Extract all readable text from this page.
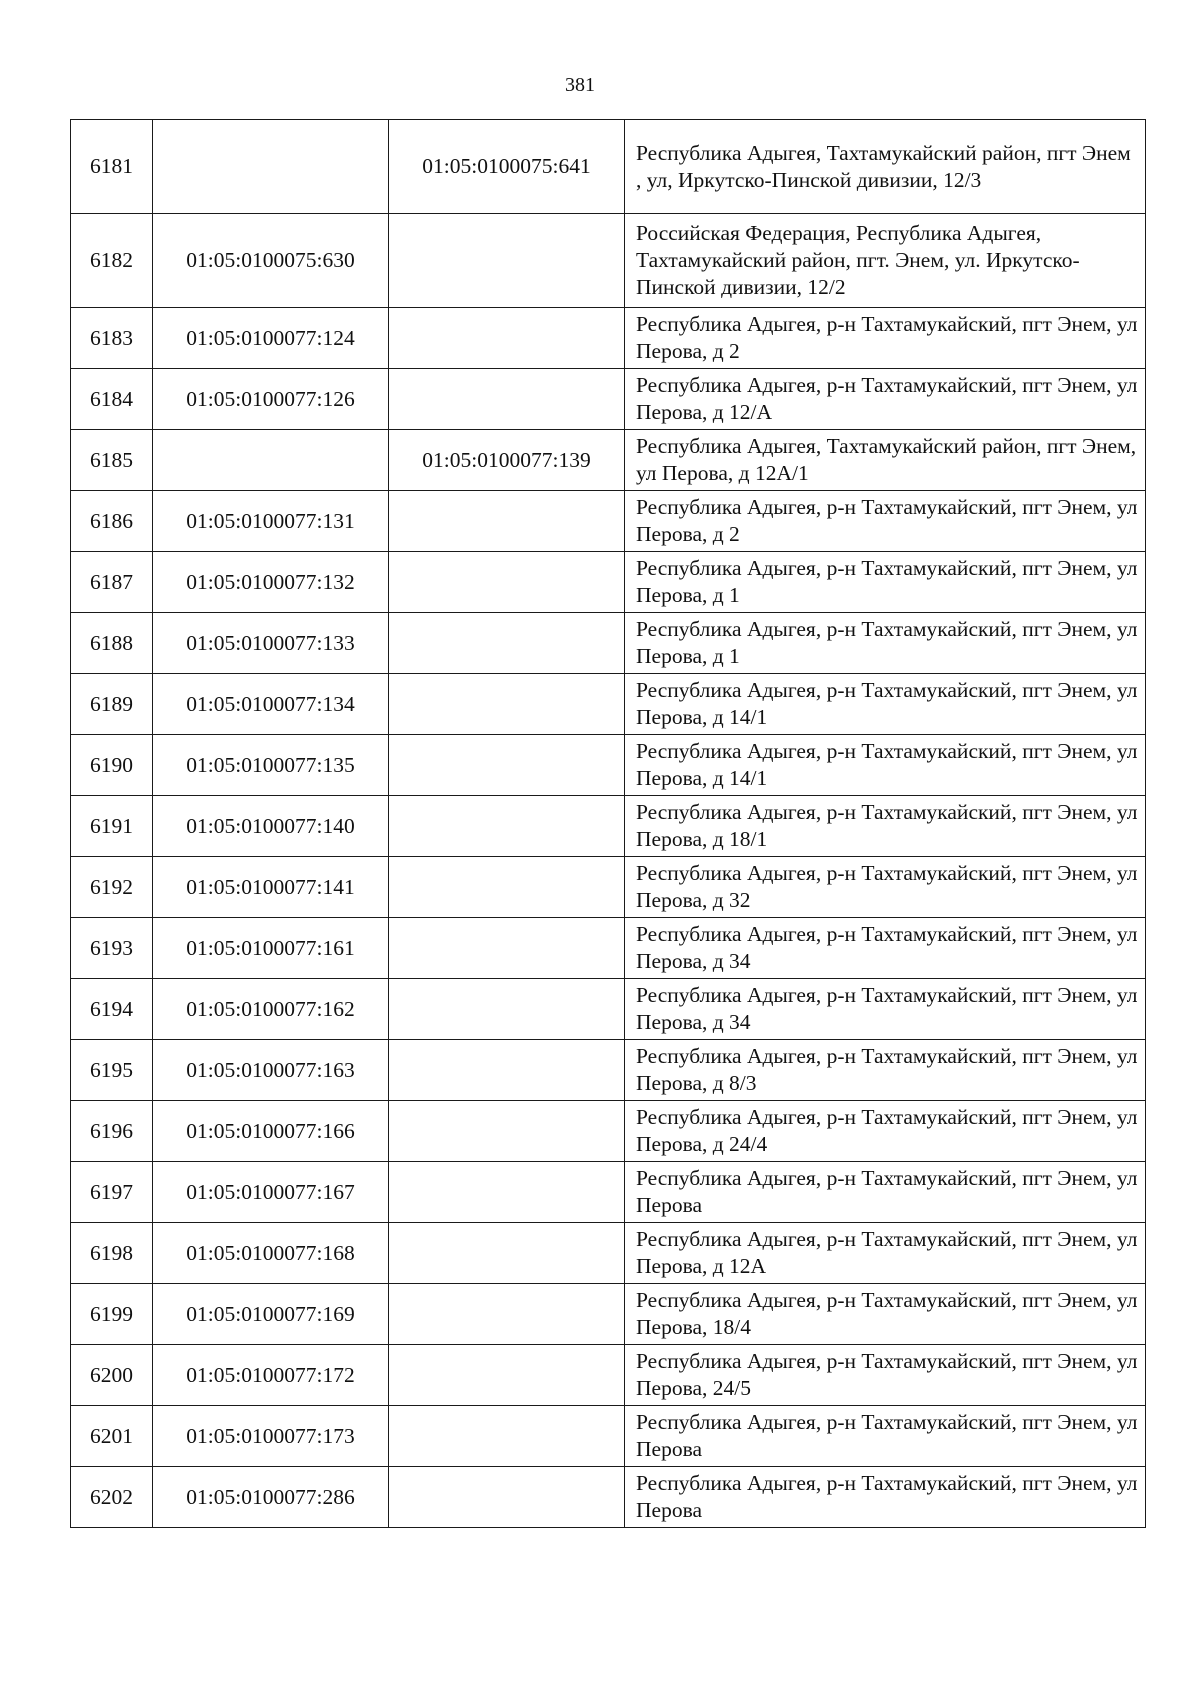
381
6181		01:05:0100075:641	Республика Адыгея, Тахтамукайский район, пгт Энем , ул, Иркутско-Пинской дивизии, 12/3
6182	01:05:0100075:630		Российская Федерация, Республика Адыгея, Тахтамукайский район, пгт. Энем, ул. Иркутско-Пинской дивизии, 12/2
6183	01:05:0100077:124		Республика Адыгея, р-н Тахтамукайский, пгт Энем, ул Перова, д 2
6184	01:05:0100077:126		Республика Адыгея, р-н Тахтамукайский, пгт Энем, ул Перова, д 12/А
6185		01:05:0100077:139	Республика Адыгея, Тахтамукайский район, пгт Энем, ул Перова, д 12А/1
6186	01:05:0100077:131		Республика Адыгея, р-н Тахтамукайский, пгт Энем, ул Перова, д 2
6187	01:05:0100077:132		Республика Адыгея, р-н Тахтамукайский, пгт Энем, ул Перова, д 1
6188	01:05:0100077:133		Республика Адыгея, р-н Тахтамукайский, пгт Энем, ул Перова, д 1
6189	01:05:0100077:134		Республика Адыгея, р-н Тахтамукайский, пгт Энем, ул Перова, д 14/1
6190	01:05:0100077:135		Республика Адыгея, р-н Тахтамукайский, пгт Энем, ул Перова, д 14/1
6191	01:05:0100077:140		Республика Адыгея, р-н Тахтамукайский, пгт Энем, ул Перова, д 18/1
6192	01:05:0100077:141		Республика Адыгея, р-н Тахтамукайский, пгт Энем, ул Перова, д 32
6193	01:05:0100077:161		Республика Адыгея, р-н Тахтамукайский, пгт Энем, ул Перова, д 34
6194	01:05:0100077:162		Республика Адыгея, р-н Тахтамукайский, пгт Энем, ул Перова, д 34
6195	01:05:0100077:163		Республика Адыгея, р-н Тахтамукайский, пгт Энем, ул Перова, д 8/3
6196	01:05:0100077:166		Республика Адыгея, р-н Тахтамукайский, пгт Энем, ул Перова, д 24/4
6197	01:05:0100077:167		Республика Адыгея, р-н Тахтамукайский, пгт Энем, ул Перова
6198	01:05:0100077:168		Республика Адыгея, р-н Тахтамукайский, пгт Энем, ул Перова, д 12А
6199	01:05:0100077:169		Республика Адыгея, р-н Тахтамукайский, пгт Энем, ул Перова, 18/4
6200	01:05:0100077:172		Республика Адыгея, р-н Тахтамукайский, пгт Энем, ул Перова, 24/5
6201	01:05:0100077:173		Республика Адыгея, р-н Тахтамукайский, пгт Энем, ул Перова
6202	01:05:0100077:286		Республика Адыгея, р-н Тахтамукайский, пгт Энем, ул Перова
